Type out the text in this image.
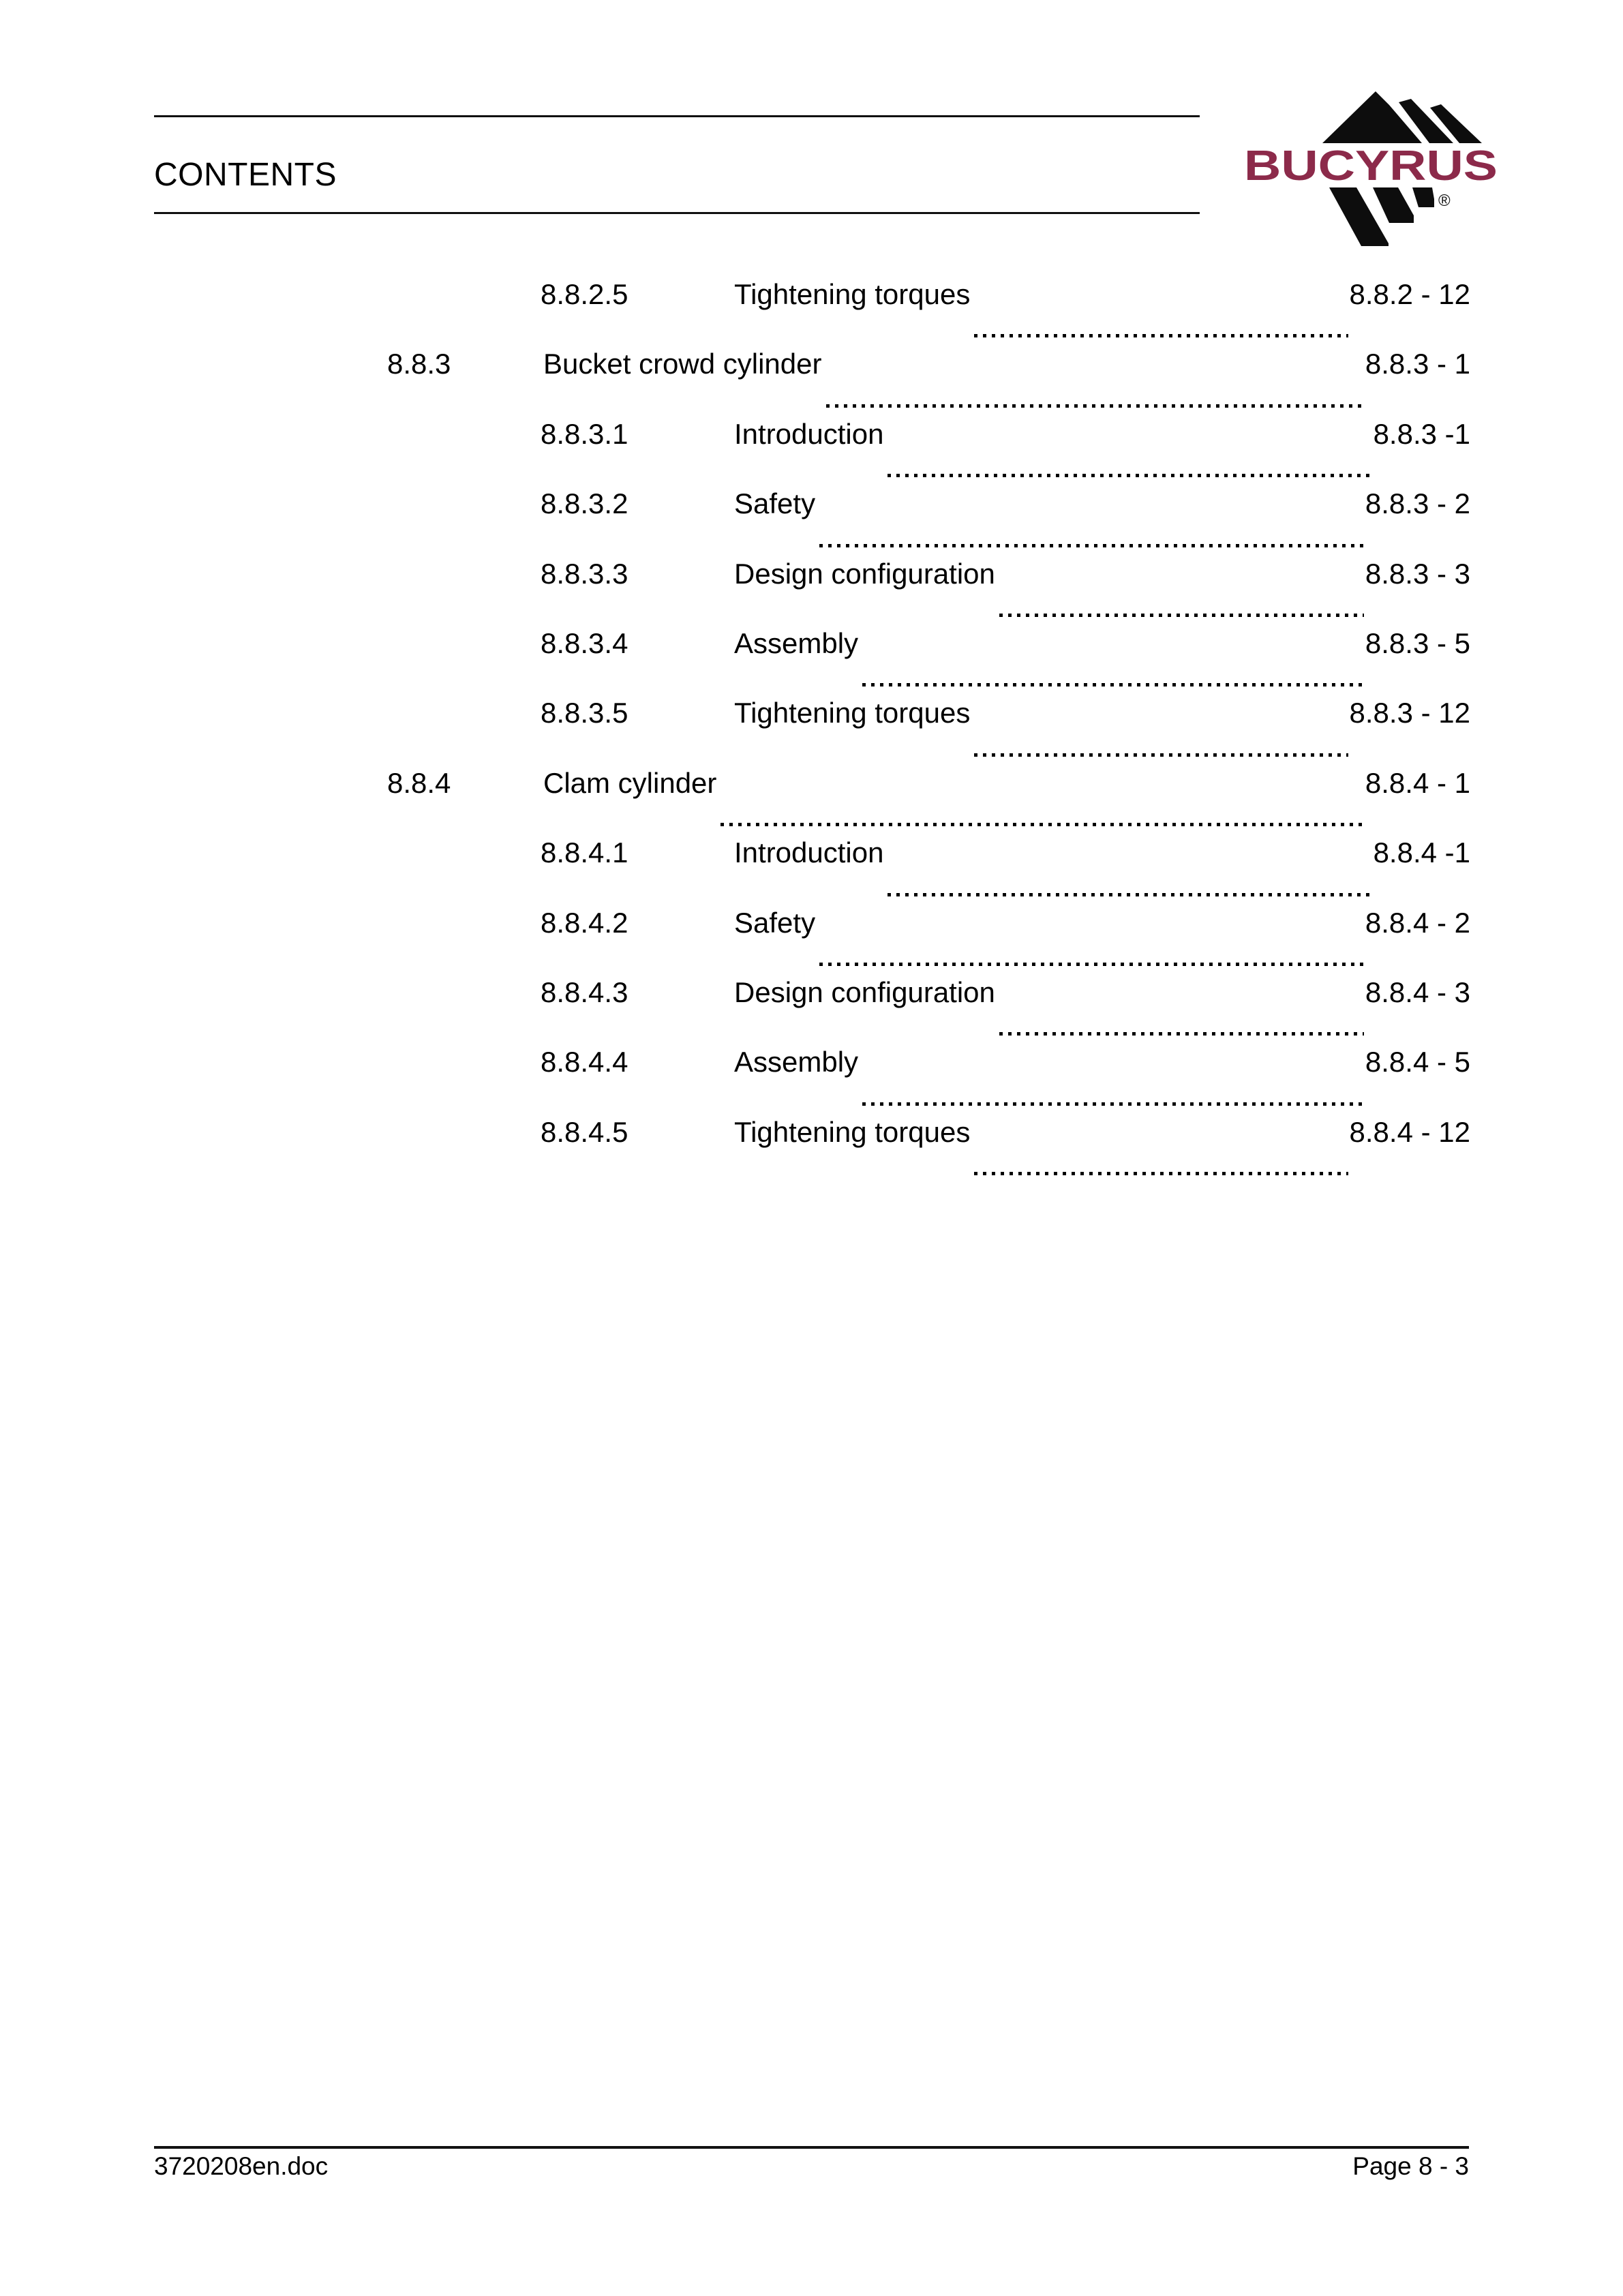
CONTENTS	BUCYRUS
®
8.8.2.5	Tightening torques	8.8.2 - 12
8.8.3	Bucket crowd cylinder	8.8.3 - 1
8.8.3.1	Introduction	8.8.3 -1
8.8.3.2	Safety	8.8.3 - 2
8.8.3.3	Design configuration	8.8.3 - 3
8.8.3.4	Assembly	8.8.3 - 5
8.8.3.5	Tightening torques	8.8.3 - 12
8.8.4	Clam cylinder	8.8.4 - 1
8.8.4.1	Introduction	8.8.4 -1
8.8.4.2	Safety	8.8.4 - 2
8.8.4.3	Design configuration	8.8.4 - 3
8.8.4.4	Assembly	8.8.4 - 5
8.8.4.5	Tightening torques	8.8.4 - 12
3720208en.doc	Page 8 - 3
